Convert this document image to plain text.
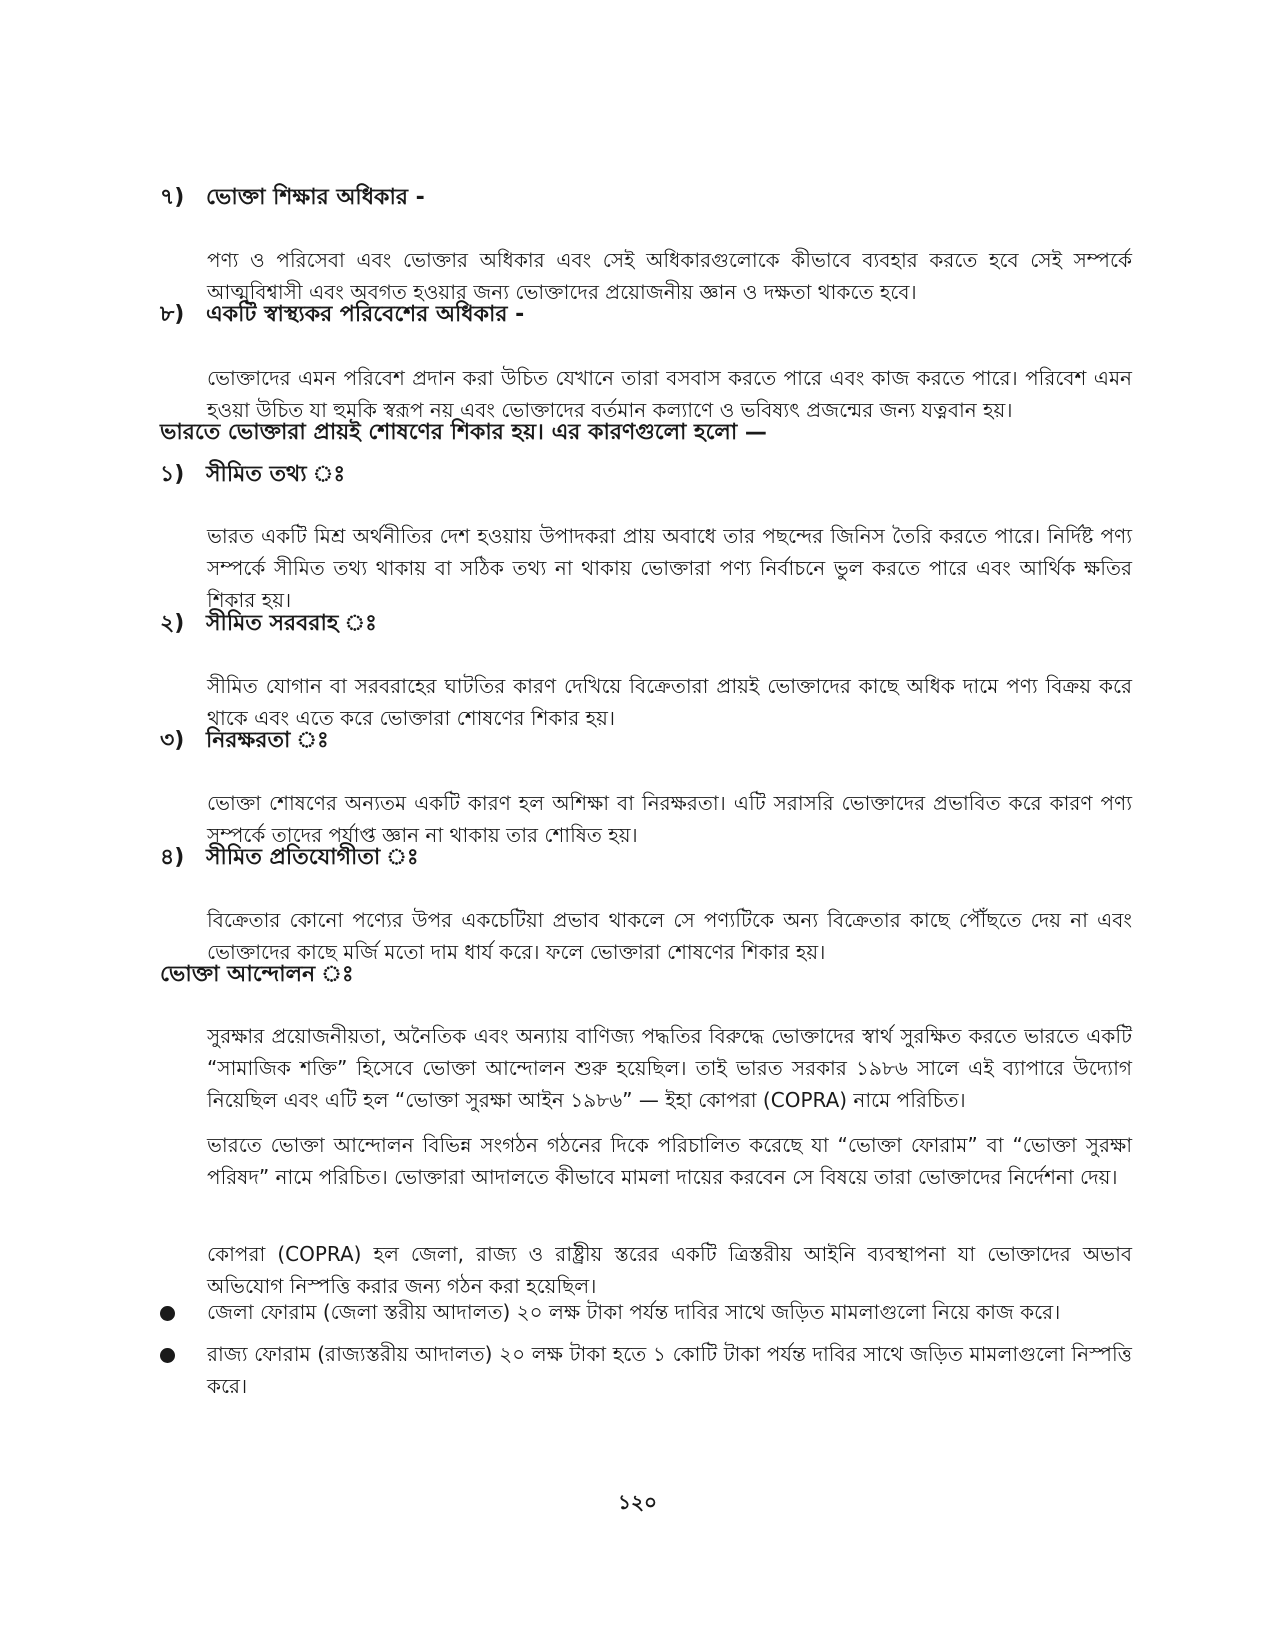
৭) ভোক্তা শিক্ষার অধিকার -

পণ্য ও পরিসেবা এবং ভোক্তার অধিকার এবং সেই অধিকারগুলোকে কীভাবে ব্যবহার করতে হবে সেই সম্পর্কে আত্মবিশ্বাসী এবং অবগত হওয়ার জন্য ভোক্তাদের প্রয়োজনীয় জ্ঞান ও দক্ষতা থাকতে হবে।

৮) একটি স্বাস্থ্যকর পরিবেশের অধিকার -

ভোক্তাদের এমন পরিবেশ প্রদান করা উচিত যেখানে তারা বসবাস করতে পারে এবং কাজ করতে পারে। পরিবেশ এমন হওয়া উচিত যা হুমকি স্বরূপ নয় এবং ভোক্তাদের বর্তমান কল্যাণে ও ভবিষ্যৎ প্রজন্মের জন্য যত্নবান হয়।

ভারতে ভোক্তারা প্রায়ই শোষণের শিকার হয়। এর কারণগুলো হলো —
১) সীমিত তথ্য ঃ

ভারত একটি মিশ্র অর্থনীতির দেশ হওয়ায় উপাদকরা প্রায় অবাধে তার পছন্দের জিনিস তৈরি করতে পারে। নির্দিষ্ট পণ্য সম্পর্কে সীমিত তথ্য থাকায় বা সঠিক তথ্য না থাকায় ভোক্তারা পণ্য নির্বাচনে ভুল করতে পারে এবং আর্থিক ক্ষতির শিকার হয়।

২) সীমিত সরবরাহ ঃ

সীমিত যোগান বা সরবরাহের ঘাটতির কারণ দেখিয়ে বিক্রেতারা প্রায়ই ভোক্তাদের কাছে অধিক দামে পণ্য বিক্রয় করে থাকে এবং এতে করে ভোক্তারা শোষণের শিকার হয়।

৩) নিরক্ষরতা ঃ

ভোক্তা শোষণের অন্যতম একটি কারণ হল অশিক্ষা বা নিরক্ষরতা। এটি সরাসরি ভোক্তাদের প্রভাবিত করে কারণ পণ্য সম্পর্কে তাদের পর্যাপ্ত জ্ঞান না থাকায় তার শোষিত হয়।

৪) সীমিত প্রতিযোগীতা ঃ

বিক্রেতার কোনো পণ্যের উপর একচেটিয়া প্রভাব থাকলে সে পণ্যটিকে অন্য বিক্রেতার কাছে পৌঁছতে দেয় না এবং ভোক্তাদের কাছে মর্জি মতো দাম ধার্য করে। ফলে ভোক্তারা শোষণের শিকার হয়।

ভোক্তা আন্দোলন ঃ

সুরক্ষার প্রয়োজনীয়তা, অনৈতিক এবং অন্যায় বাণিজ্য পদ্ধতির বিরুদ্ধে ভোক্তাদের স্বার্থ সুরক্ষিত করতে ভারতে একটি “সামাজিক শক্তি” হিসেবে ভোক্তা আন্দোলন শুরু হয়েছিল। তাই ভারত সরকার ১৯৮৬ সালে এই ব্যাপারে উদ্যোগ নিয়েছিল এবং এটি হল “ভোক্তা সুরক্ষা আইন ১৯৮৬” — ইহা কোপরা (COPRA) নামে পরিচিত।

ভারতে ভোক্তা আন্দোলন বিভিন্ন সংগঠন গঠনের দিকে পরিচালিত করেছে যা “ভোক্তা ফোরাম” বা “ভোক্তা সুরক্ষা পরিষদ” নামে পরিচিত। ভোক্তারা আদালতে কীভাবে মামলা দায়ের করবেন সে বিষয়ে তারা ভোক্তাদের নির্দেশনা দেয়।

কোপরা (COPRA) হল জেলা, রাজ্য ও রাষ্ট্রীয় স্তরের একটি ত্রিস্তরীয় আইনি ব্যবস্থাপনা যা ভোক্তাদের অভাব অভিযোগ নিস্পত্তি করার জন্য গঠন করা হয়েছিল।

জেলা ফোরাম (জেলা স্তরীয় আদালত) ২০ লক্ষ টাকা পর্যন্ত দাবির সাথে জড়িত মামলাগুলো নিয়ে কাজ করে।

রাজ্য ফোরাম (রাজ্যস্তরীয় আদালত) ২০ লক্ষ টাকা হতে ১ কোটি টাকা পর্যন্ত দাবির সাথে জড়িত মামলাগুলো নিস্পত্তি করে।

১২০
